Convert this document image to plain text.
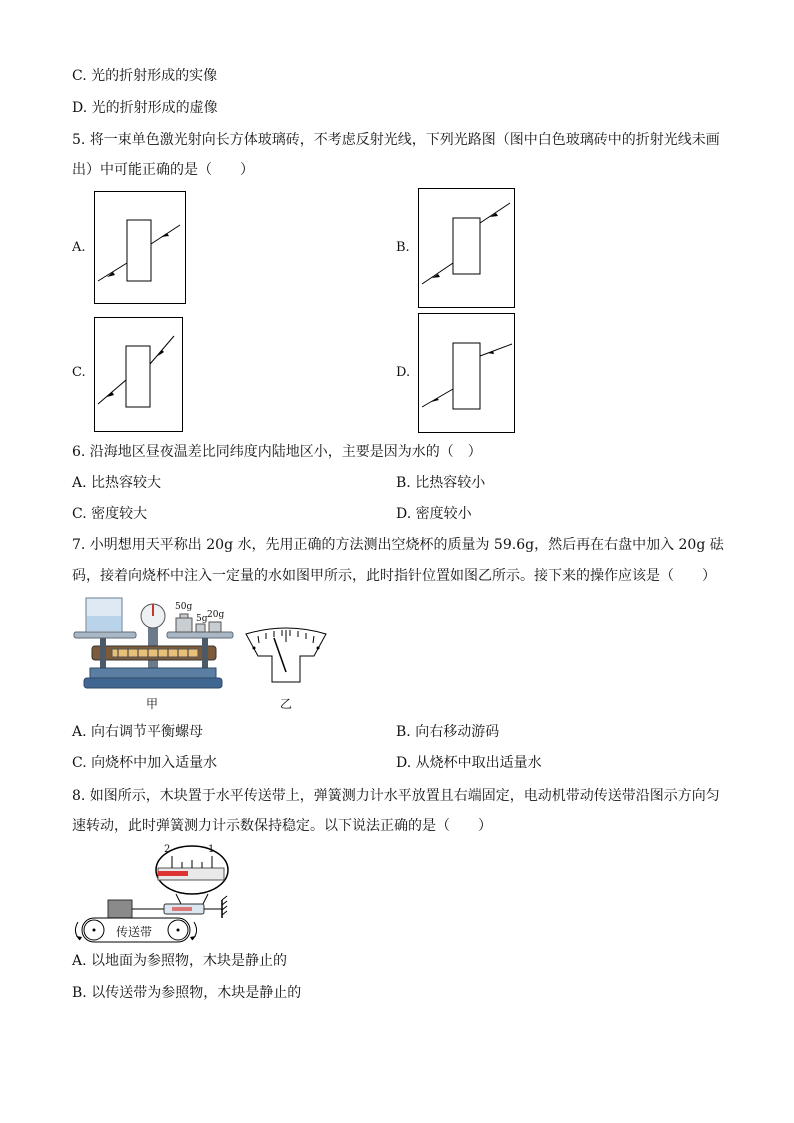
C. 光的折射形成的实像
D. 光的折射形成的虚像
5. 将一束单色激光射向长方体玻璃砖，不考虑反射光线，下列光路图（图中白色玻璃砖中的折射光线未画
出）中可能正确的是（　　）
A.	B.
C.	D.
6. 沿海地区昼夜温差比同纬度内陆地区小，主要是因为水的（　）
A. 比热容较大	B. 比热容较小
C. 密度较大	D. 密度较小
7. 小明想用天平称出 20g 水，先用正确的方法测出空烧杯的质量为 59.6g，然后再在右盘中加入 20g 砝
码，接着向烧杯中注入一定量的水如图甲所示，此时指针位置如图乙所示。接下来的操作应该是（　　）
50g
5g 20g
甲	乙
A. 向右调节平衡螺母	B. 向右移动游码
C. 向烧杯中加入适量水	D. 从烧杯中取出适量水
8. 如图所示，木块置于水平传送带上，弹簧测力计水平放置且右端固定，电动机带动传送带沿图示方向匀
速转动，此时弹簧测力计示数保持稳定。以下说法正确的是（　　）
2	1
传送带
A. 以地面为参照物，木块是静止的
B. 以传送带为参照物，木块是静止的
